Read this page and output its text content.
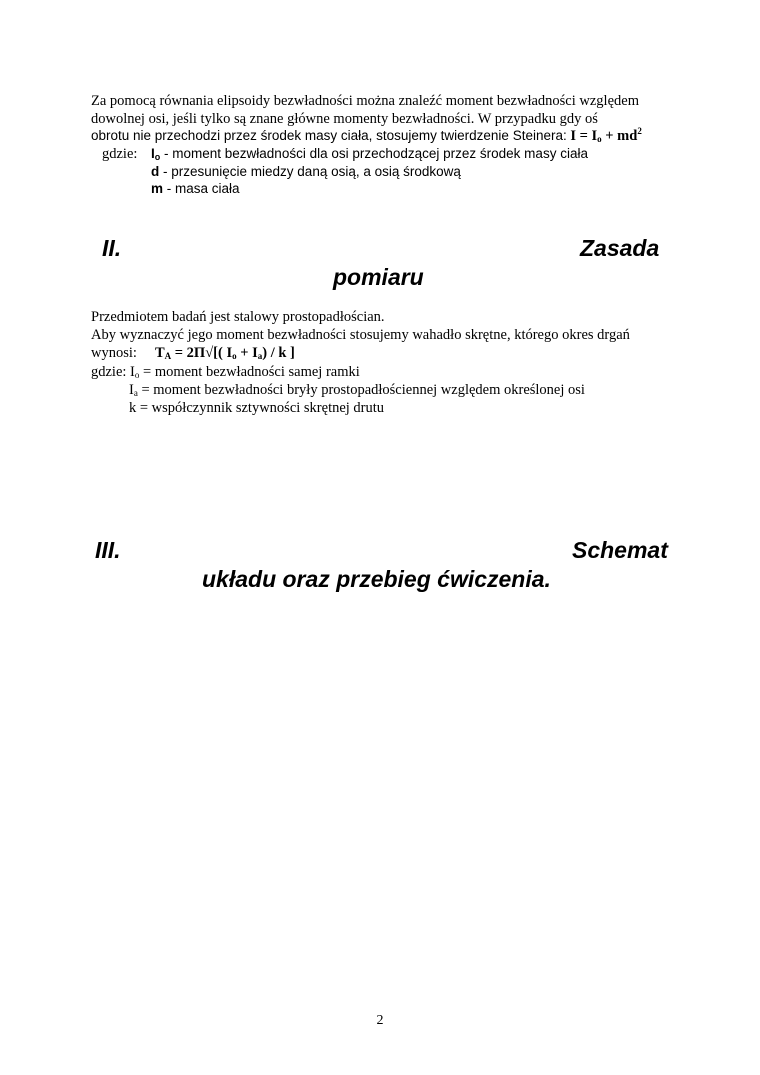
Za pomocą równania elipsoidy bezwładności można znaleźć moment bezwładności względem
dowolnej osi, jeśli tylko są znane główne momenty bezwładności. W przypadku gdy oś
obrotu nie przechodzi przez środek masy ciała, stosujemy twierdzenie Steinera: $I = I_o + md^2$
gdzie: $I_o$ - moment bezwładności dla osi przechodzącej przez środek masy ciała
d - przesunięcie miedzy daną osią, a osią środkową
m - masa ciała
II.	Zasada
pomiaru
Przedmiotem badań jest stalowy prostopadłościan.
Aby wyznaczyć jego moment bezwładności stosujemy wahadło skrętne, którego okres drgań
wynosi: $T_A = 2\Pi√$[( $I_o + I_a) / k$ ]
gdzie: $I_o$ = moment bezwładności samej ramki
$I_a$ = moment bezwładności bryły prostopadłościennej względem określonej osi
k = współczynnik sztywności skrętnej drutu
III.	Schemat
układu oraz przebieg ćwiczenia.
2
